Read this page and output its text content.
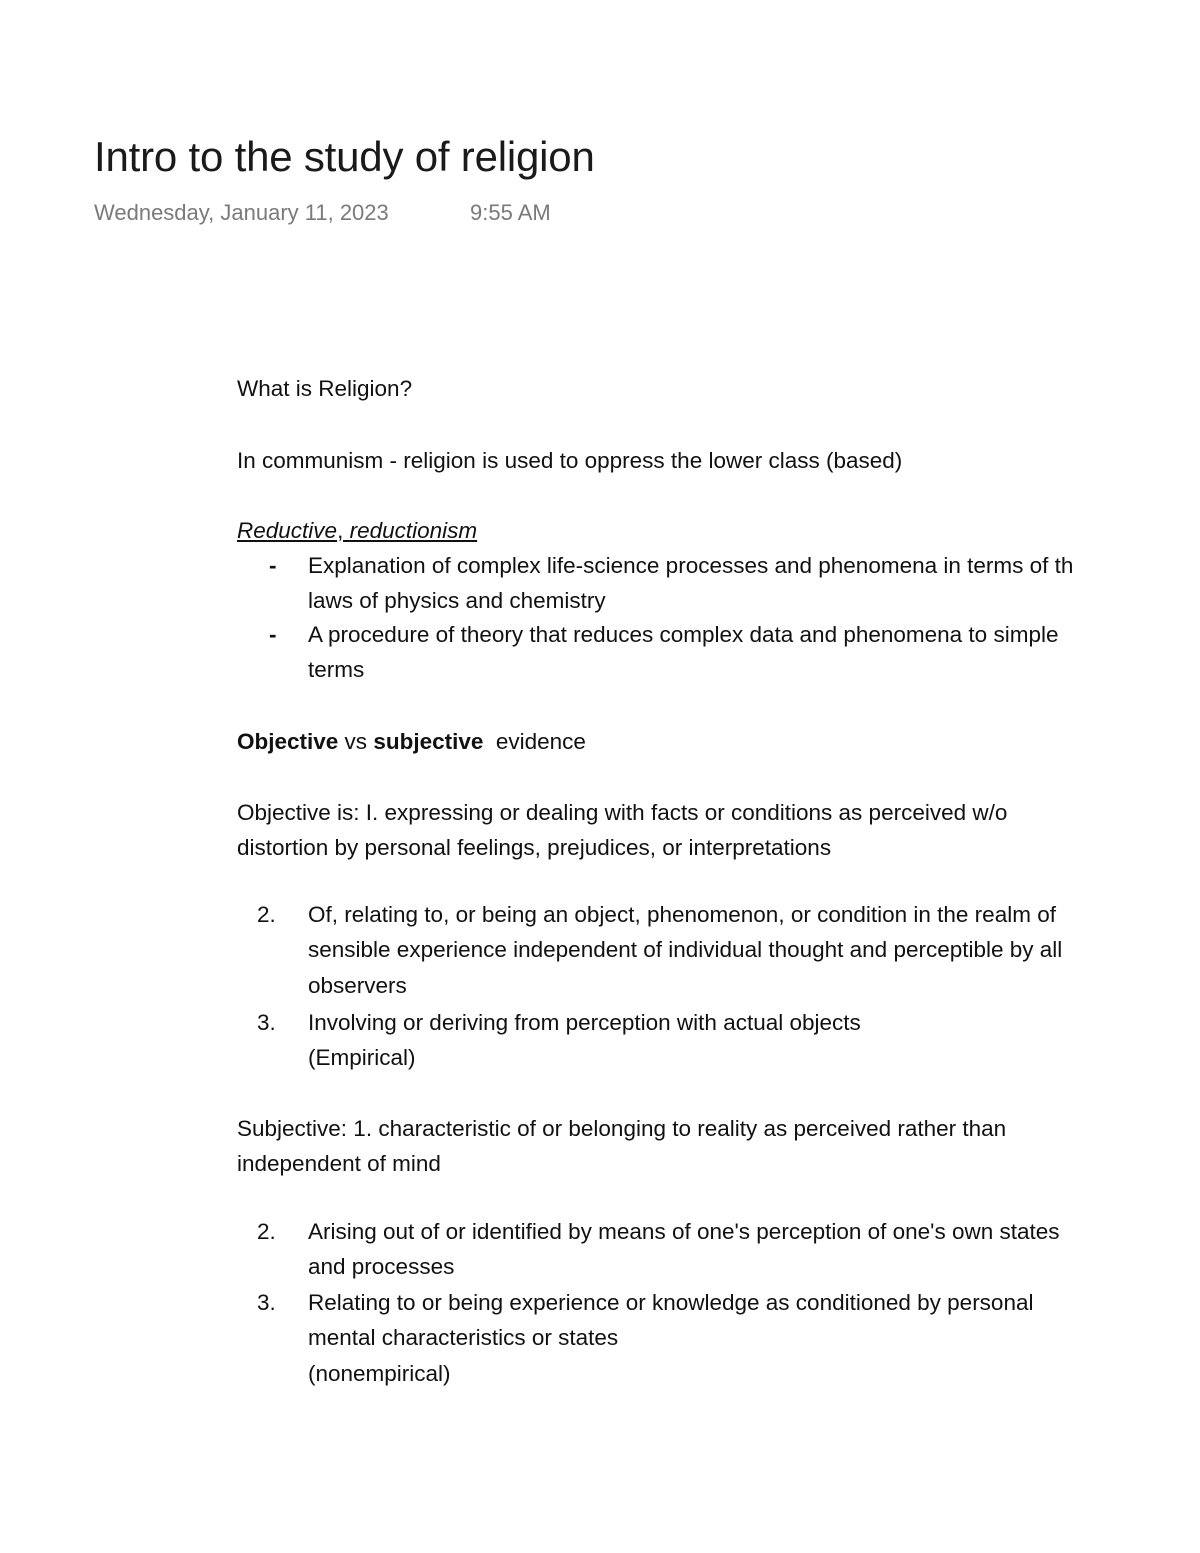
Intro to the study of religion
Wednesday, January 11, 2023	9:55 AM
What is Religion?
In communism - religion is used to oppress the lower class (based)
Reductive, reductionism
- Explanation of complex life-science processes and phenomena in terms of th
laws of physics and chemistry
- A procedure of theory that reduces complex data and phenomena to simple
terms
Objective vs subjective  evidence
Objective is: I. expressing or dealing with facts or conditions as perceived w/o
distortion by personal feelings, prejudices, or interpretations
2. Of, relating to, or being an object, phenomenon, or condition in the realm of
sensible experience independent of individual thought and perceptible by all
observers
3. Involving or deriving from perception with actual objects
(Empirical)
Subjective: 1. characteristic of or belonging to reality as perceived rather than
independent of mind
2. Arising out of or identified by means of one's perception of one's own states
and processes
3. Relating to or being experience or knowledge as conditioned by personal
mental characteristics or states
(nonempirical)
